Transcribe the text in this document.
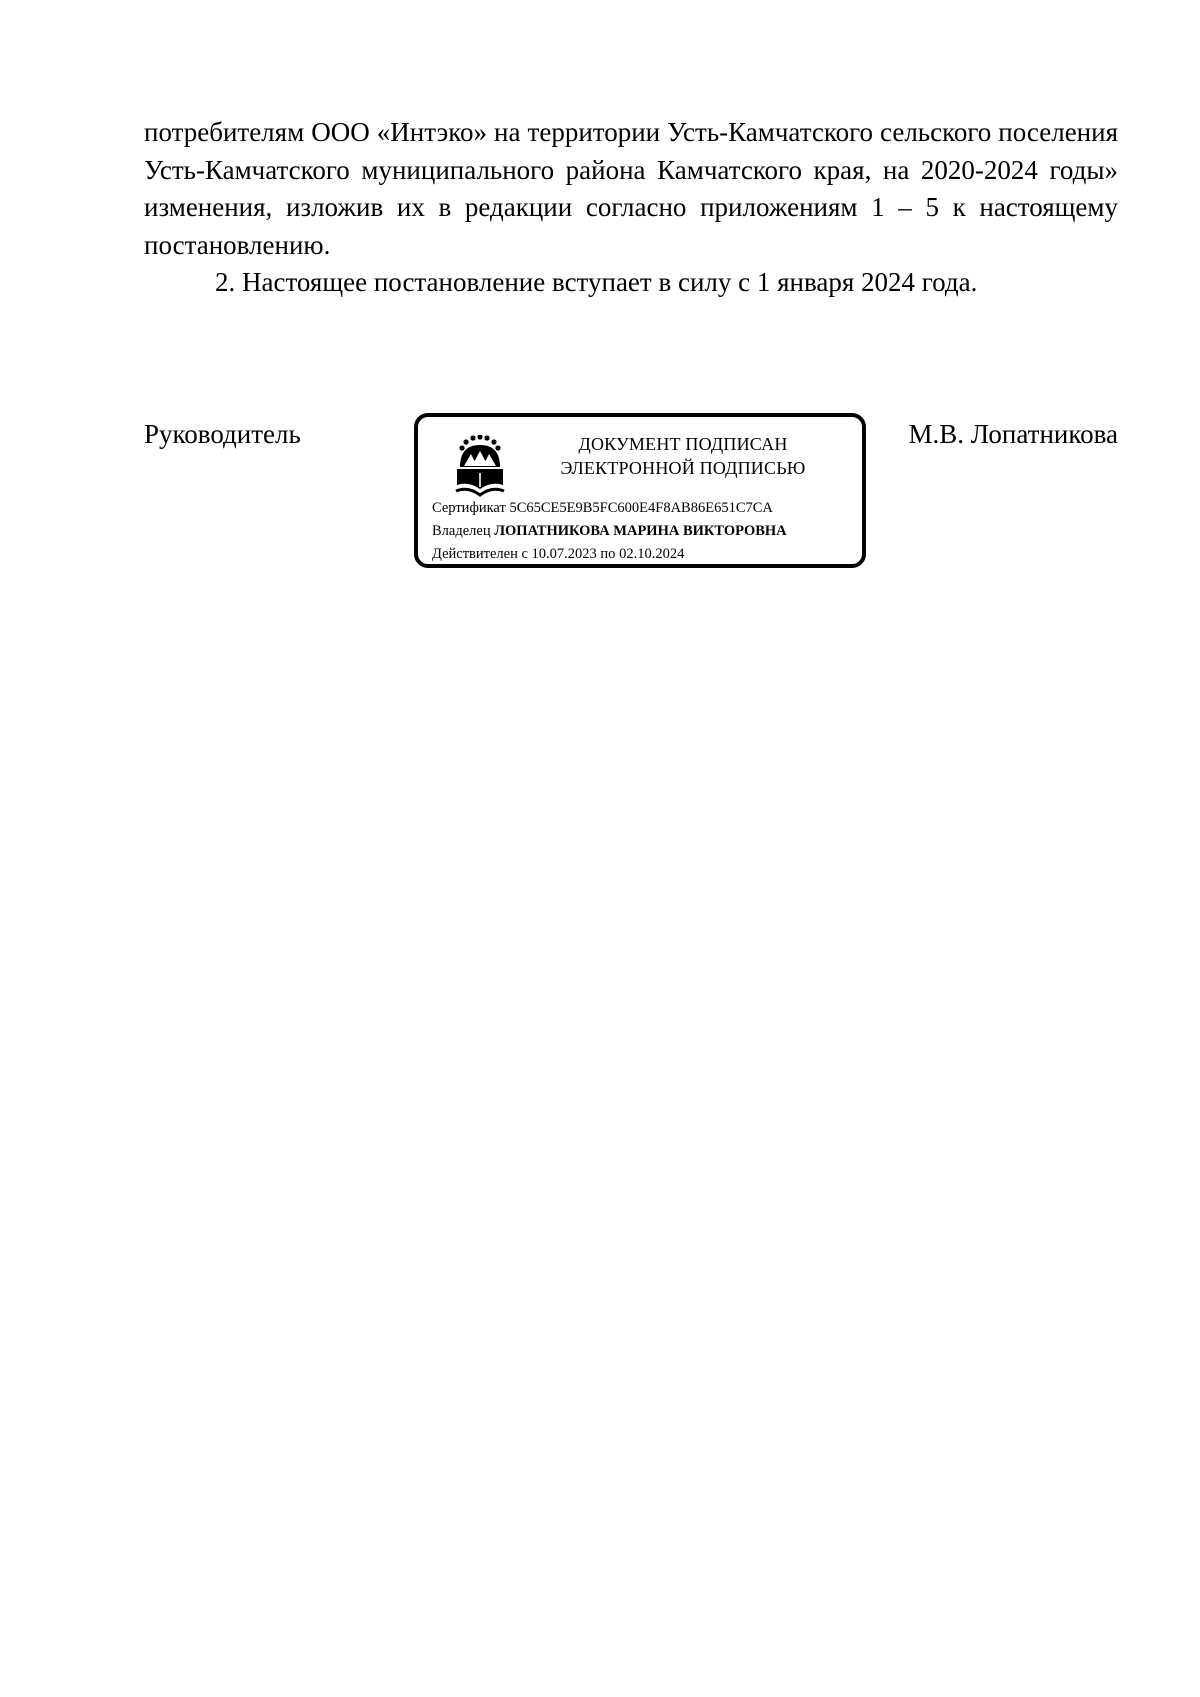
потребителям ООО «Интэко» на территории Усть-Камчатского сельского поселения Усть-Камчатского муниципального района Камчатского края, на 2020-2024 годы» изменения, изложив их в редакции согласно приложениям 1 – 5 к настоящему постановлению.

2. Настоящее постановление вступает в силу с 1 января 2024 года.

Руководитель	ДОКУМЕНТ ПОДПИСАН
ЭЛЕКТРОННОЙ ПОДПИСЬЮ
Сертификат 5C65CE5E9B5FC600E4F8AB86E651C7CA
Владелец ЛОПАТНИКОВА МАРИНА ВИКТОРОВНА
Действителен с 10.07.2023 по 02.10.2024
М.В. Лопатникова
